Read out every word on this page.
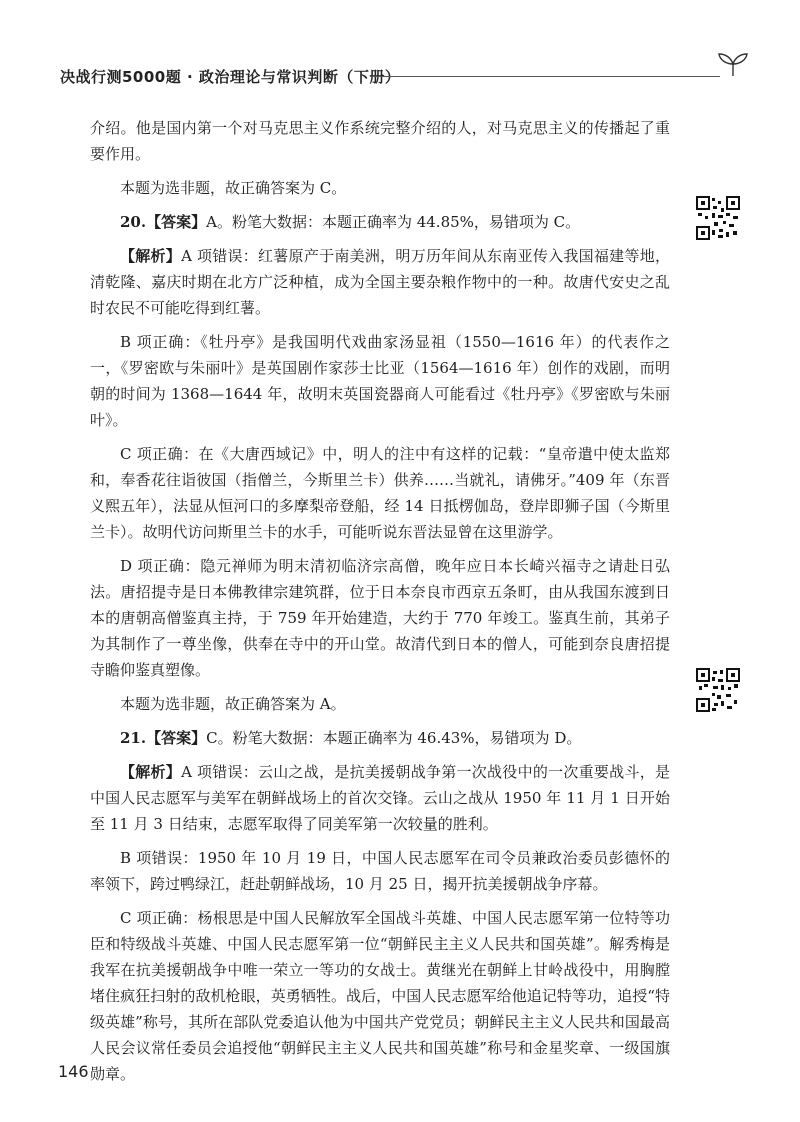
决战行测5000题 · 政治理论与常识判断（下册）

介绍。他是国内第一个对马克思主义作系统完整介绍的人，对马克思主义的传播起了重要作用。

本题为选非题，故正确答案为 C。

20.【答案】A。粉笔大数据：本题正确率为 44.85%，易错项为 C。

【解析】A 项错误：红薯原产于南美洲，明万历年间从东南亚传入我国福建等地，清乾隆、嘉庆时期在北方广泛种植，成为全国主要杂粮作物中的一种。故唐代安史之乱时农民不可能吃得到红薯。

B 项正确：《牡丹亭》是我国明代戏曲家汤显祖（1550—1616 年）的代表作之一，《罗密欧与朱丽叶》是英国剧作家莎士比亚（1564—1616 年）创作的戏剧，而明朝的时间为 1368—1644 年，故明末英国瓷器商人可能看过《牡丹亭》《罗密欧与朱丽叶》。

C 项正确：在《大唐西域记》中，明人的注中有这样的记载：“皇帝遣中使太监郑和，奉香花往诣彼国（指僧兰，今斯里兰卡）供养……当就礼，请佛牙。”409 年（东晋义熙五年），法显从恒河口的多摩梨帝登船，经 14 日抵楞伽岛，登岸即狮子国（今斯里兰卡）。故明代访问斯里兰卡的水手，可能听说东晋法显曾在这里游学。

D 项正确：隐元禅师为明末清初临济宗高僧，晚年应日本长崎兴福寺之请赴日弘法。唐招提寺是日本佛教律宗建筑群，位于日本奈良市西京五条町，由从我国东渡到日本的唐朝高僧鉴真主持，于 759 年开始建造，大约于 770 年竣工。鉴真生前，其弟子为其制作了一尊坐像，供奉在寺中的开山堂。故清代到日本的僧人，可能到奈良唐招提寺瞻仰鉴真塑像。

本题为选非题，故正确答案为 A。

21.【答案】C。粉笔大数据：本题正确率为 46.43%，易错项为 D。

【解析】A 项错误：云山之战，是抗美援朝战争第一次战役中的一次重要战斗，是中国人民志愿军与美军在朝鲜战场上的首次交锋。云山之战从 1950 年 11 月 1 日开始至 11 月 3 日结束，志愿军取得了同美军第一次较量的胜利。

B 项错误：1950 年 10 月 19 日，中国人民志愿军在司令员兼政治委员彭德怀的率领下，跨过鸭绿江，赶赴朝鲜战场，10 月 25 日，揭开抗美援朝战争序幕。

C 项正确：杨根思是中国人民解放军全国战斗英雄、中国人民志愿军第一位特等功臣和特级战斗英雄、中国人民志愿军第一位“朝鲜民主主义人民共和国英雄”。解秀梅是我军在抗美援朝战争中唯一荣立一等功的女战士。黄继光在朝鲜上甘岭战役中，用胸膛堵住疯狂扫射的敌机枪眼，英勇牺牲。战后，中国人民志愿军给他追记特等功，追授“特级英雄”称号，其所在部队党委追认他为中国共产党党员；朝鲜民主主义人民共和国最高人民会议常任委员会追授他“朝鲜民主主义人民共和国英雄”称号和金星奖章、一级国旗勋章。

146
